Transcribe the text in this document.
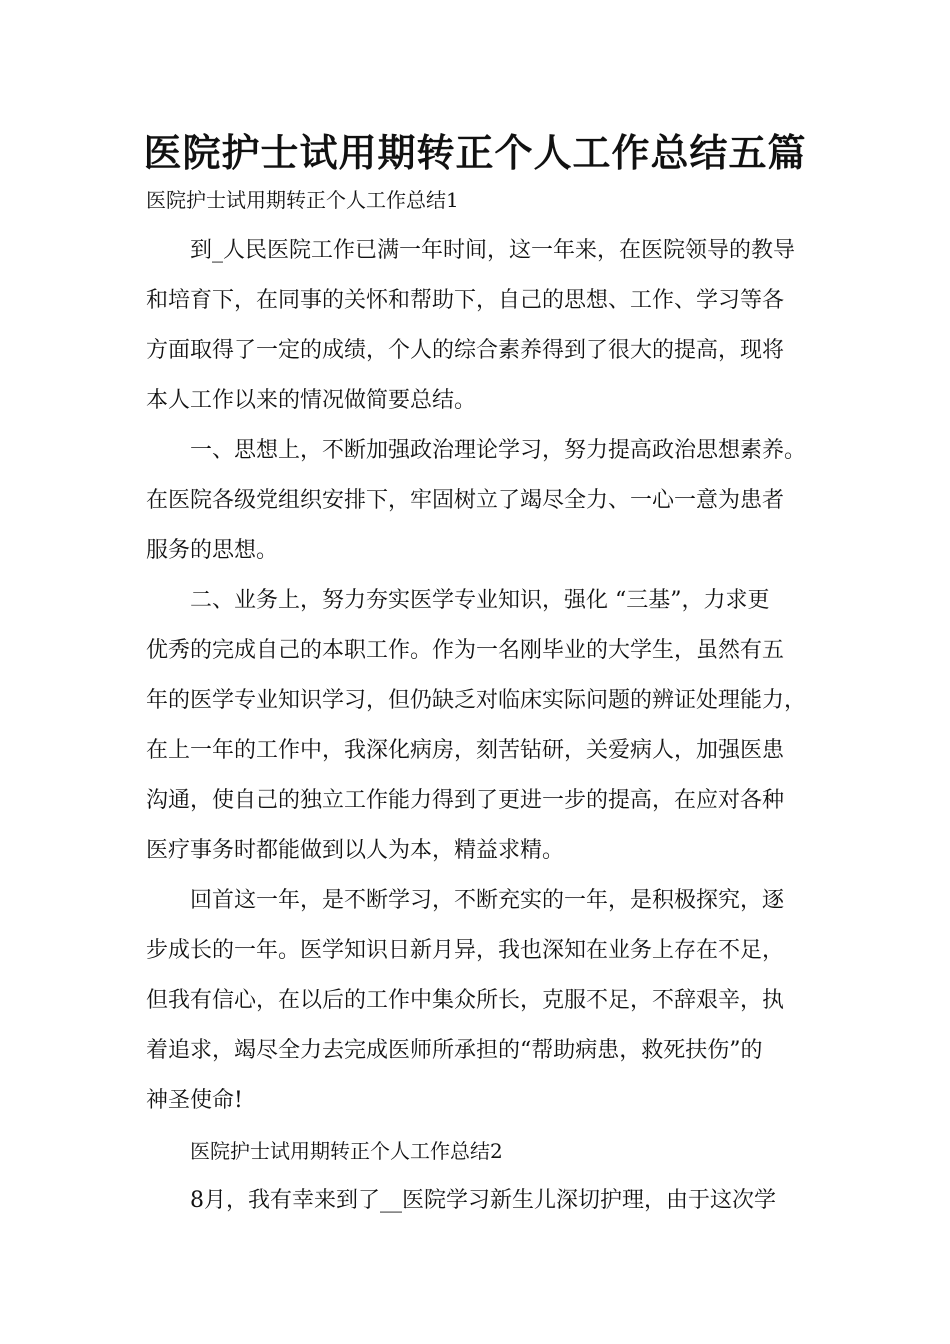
医院护士试用期转正个人工作总结五篇

医院护士试用期转正个人工作总结1

到_人民医院工作已满一年时间，这一年来，在医院领导的教导

和培育下，在同事的关怀和帮助下，自己的思想、工作、学习等各

方面取得了一定的成绩，个人的综合素养得到了很大的提高，现将

本人工作以来的情况做简要总结。

一、思想上，不断加强政治理论学习，努力提高政治思想素养。

在医院各级党组织安排下，牢固树立了竭尽全力、一心一意为患者

服务的思想。

二、业务上，努力夯实医学专业知识，强化 “三基”，力求更

优秀的完成自己的本职工作。作为一名刚毕业的大学生，虽然有五

年的医学专业知识学习，但仍缺乏对临床实际问题的辨证处理能力，

在上一年的工作中，我深化病房，刻苦钻研，关爱病人，加强医患

沟通，使自己的独立工作能力得到了更进一步的提高，在应对各种

医疗事务时都能做到以人为本，精益求精。

回首这一年，是不断学习，不断充实的一年，是积极探究，逐

步成长的一年。医学知识日新月异，我也深知在业务上存在不足，

但我有信心，在以后的工作中集众所长，克服不足，不辞艰辛，执

着追求，竭尽全力去完成医师所承担的“帮助病患，救死扶伤”的

神圣使命!

医院护士试用期转正个人工作总结2

8月，我有幸来到了__医院学习新生儿深切护理，由于这次学
